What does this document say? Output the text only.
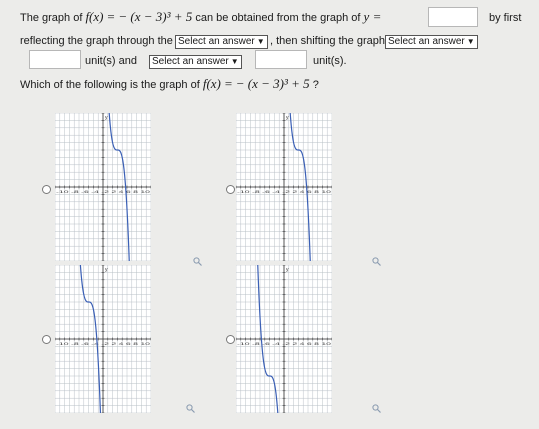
The graph of f(x) = − (x − 3)³ + 5 can be obtained from the graph of y =	by first
reflecting the graph through the Select an answer ▼ , then shifting the graph Select an answer ▼
unit(s) and	Select an answer ▼	unit(s).
Which of the following is the graph of f(x) = − (x − 3)³ + 5 ?
y
-10 -8 -6 -4 -2 2 4 6 8 10
y
-10 -8 -6 -4 -2 2 4 6 8 10
y
-10 -8 -6 -4 -2 2 4 6 8 10
y
-10 -8 -6 -4 -2 2 4 6 8 10
